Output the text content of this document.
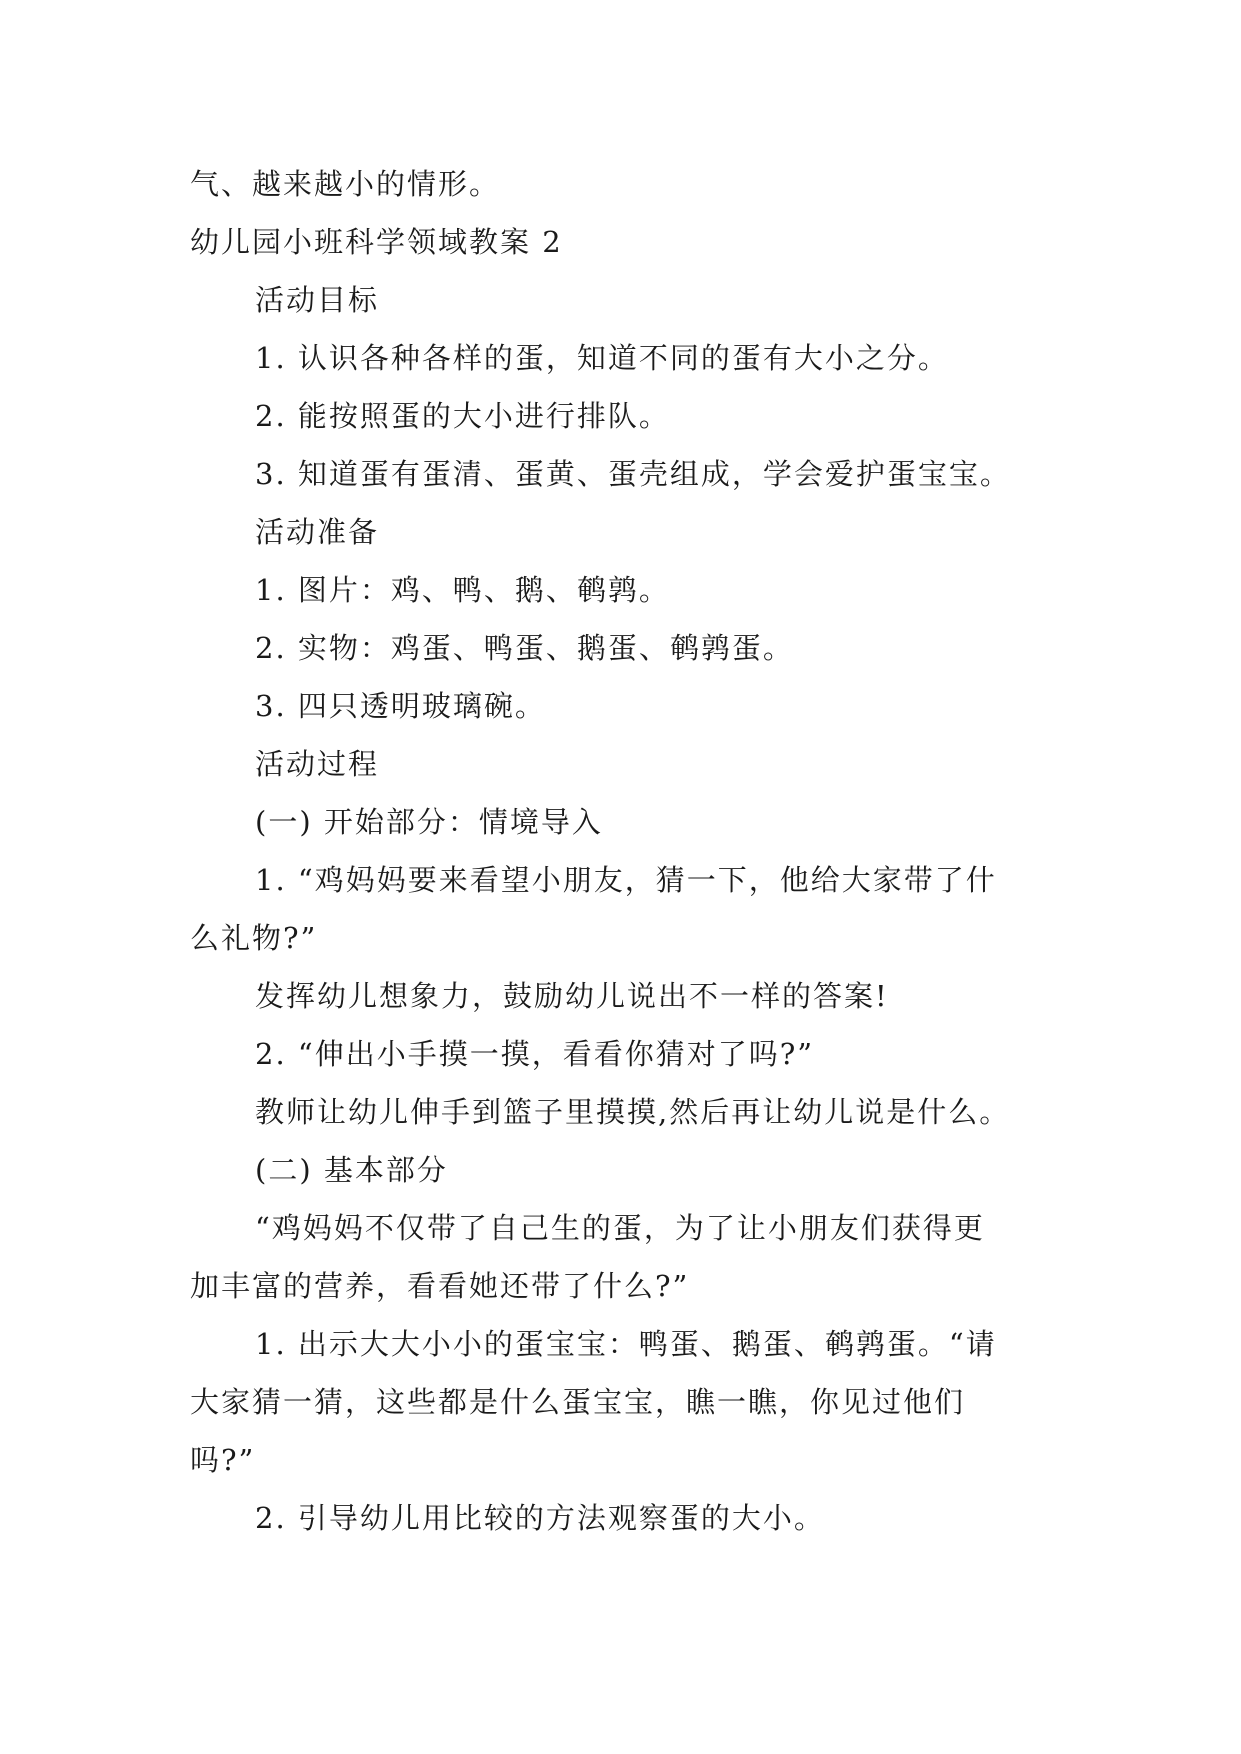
气、越来越小的情形。
幼儿园小班科学领域教案 2
活动目标
1. 认识各种各样的蛋，知道不同的蛋有大小之分。
2. 能按照蛋的大小进行排队。
3. 知道蛋有蛋清、蛋黄、蛋壳组成，学会爱护蛋宝宝。
活动准备
1. 图片：鸡、鸭、鹅、鹌鹑。
2. 实物：鸡蛋、鸭蛋、鹅蛋、鹌鹑蛋。
3. 四只透明玻璃碗。
活动过程
(一) 开始部分：情境导入
1. “鸡妈妈要来看望小朋友，猜一下，他给大家带了什
么礼物?”
发挥幼儿想象力，鼓励幼儿说出不一样的答案!
2. “伸出小手摸一摸，看看你猜对了吗?”
教师让幼儿伸手到篮子里摸摸,然后再让幼儿说是什么。
(二) 基本部分
“鸡妈妈不仅带了自己生的蛋，为了让小朋友们获得更
加丰富的营养，看看她还带了什么?”
1. 出示大大小小的蛋宝宝：鸭蛋、鹅蛋、鹌鹑蛋。“请
大家猜一猜，这些都是什么蛋宝宝，瞧一瞧，你见过他们
吗?”
2. 引导幼儿用比较的方法观察蛋的大小。
